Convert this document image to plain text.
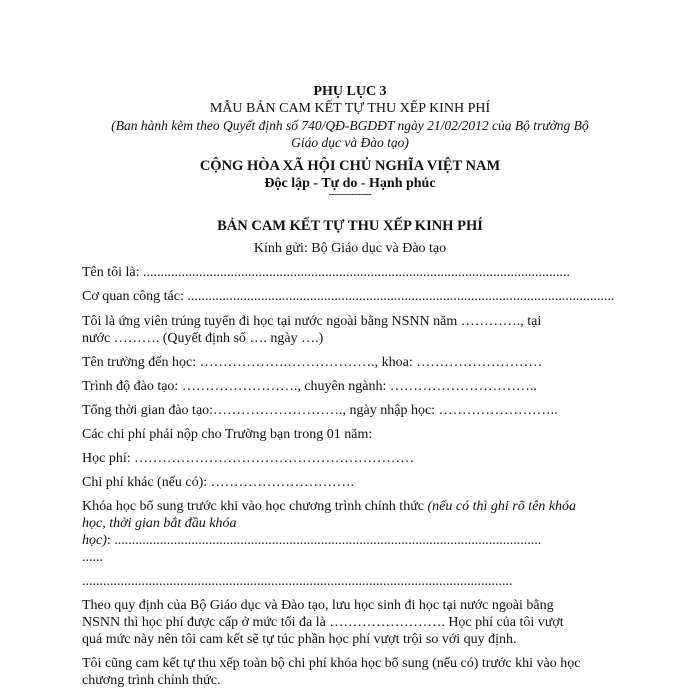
PHỤ LỤC 3
MẪU BẢN CAM KẾT TỰ THU XẾP KINH PHÍ
(Ban hành kèm theo Quyết định số 740/QĐ-BGDĐT ngày 21/02/2012 của Bộ trưởng Bộ
Giáo dục và Đào tạo)
CỘNG HÒA XÃ HỘI CHỦ NGHĨA VIỆT NAM
Độc lập - Tự do - Hạnh phúc
---------------
BẢN CAM KẾT TỰ THU XẾP KINH PHÍ
Kính gửi: Bộ Giáo dục và Đào tạo
Tên tôi là: ..........................................................................................................................
Cơ quan công tác: ..........................................................................................................................
Tôi là ứng viên trúng tuyển đi học tại nước ngoài bằng NSNN năm …………., tại
nước ………. (Quyết định số …. ngày ….)
Tên trường đến học: ……………….………………., khoa: ………………………
Trình độ đào tạo: ……………………., chuyên ngành: …………………………..
Tổng thời gian đào tạo:………………………., ngày nhập học: ……………………..
Các chi phí phải nộp cho Trường bạn trong 01 năm:
Học phí: ……………………………………………………
Chi phí khác (nếu có): ………………………….
Khóa học bổ sung trước khi vào học chương trình chính thức (nếu có thì ghi rõ tên khóa
học, thời gian bắt đầu khóa
học): ..........................................................................................................................
......
...........................................................................................................................
Theo quy định của Bộ Giáo dục và Đào tạo, lưu học sinh đi học tại nước ngoài bằng
NSNN thì học phí được cấp ở mức tối đa là ……………………. Học phí của tôi vượt
quá mức này nên tôi cam kết sẽ tự túc phần học phí vượt trội so với quy định.
Tôi cũng cam kết tự thu xếp toàn bộ chi phí khóa học bổ sung (nếu có) trước khi vào học
chương trình chính thức.
